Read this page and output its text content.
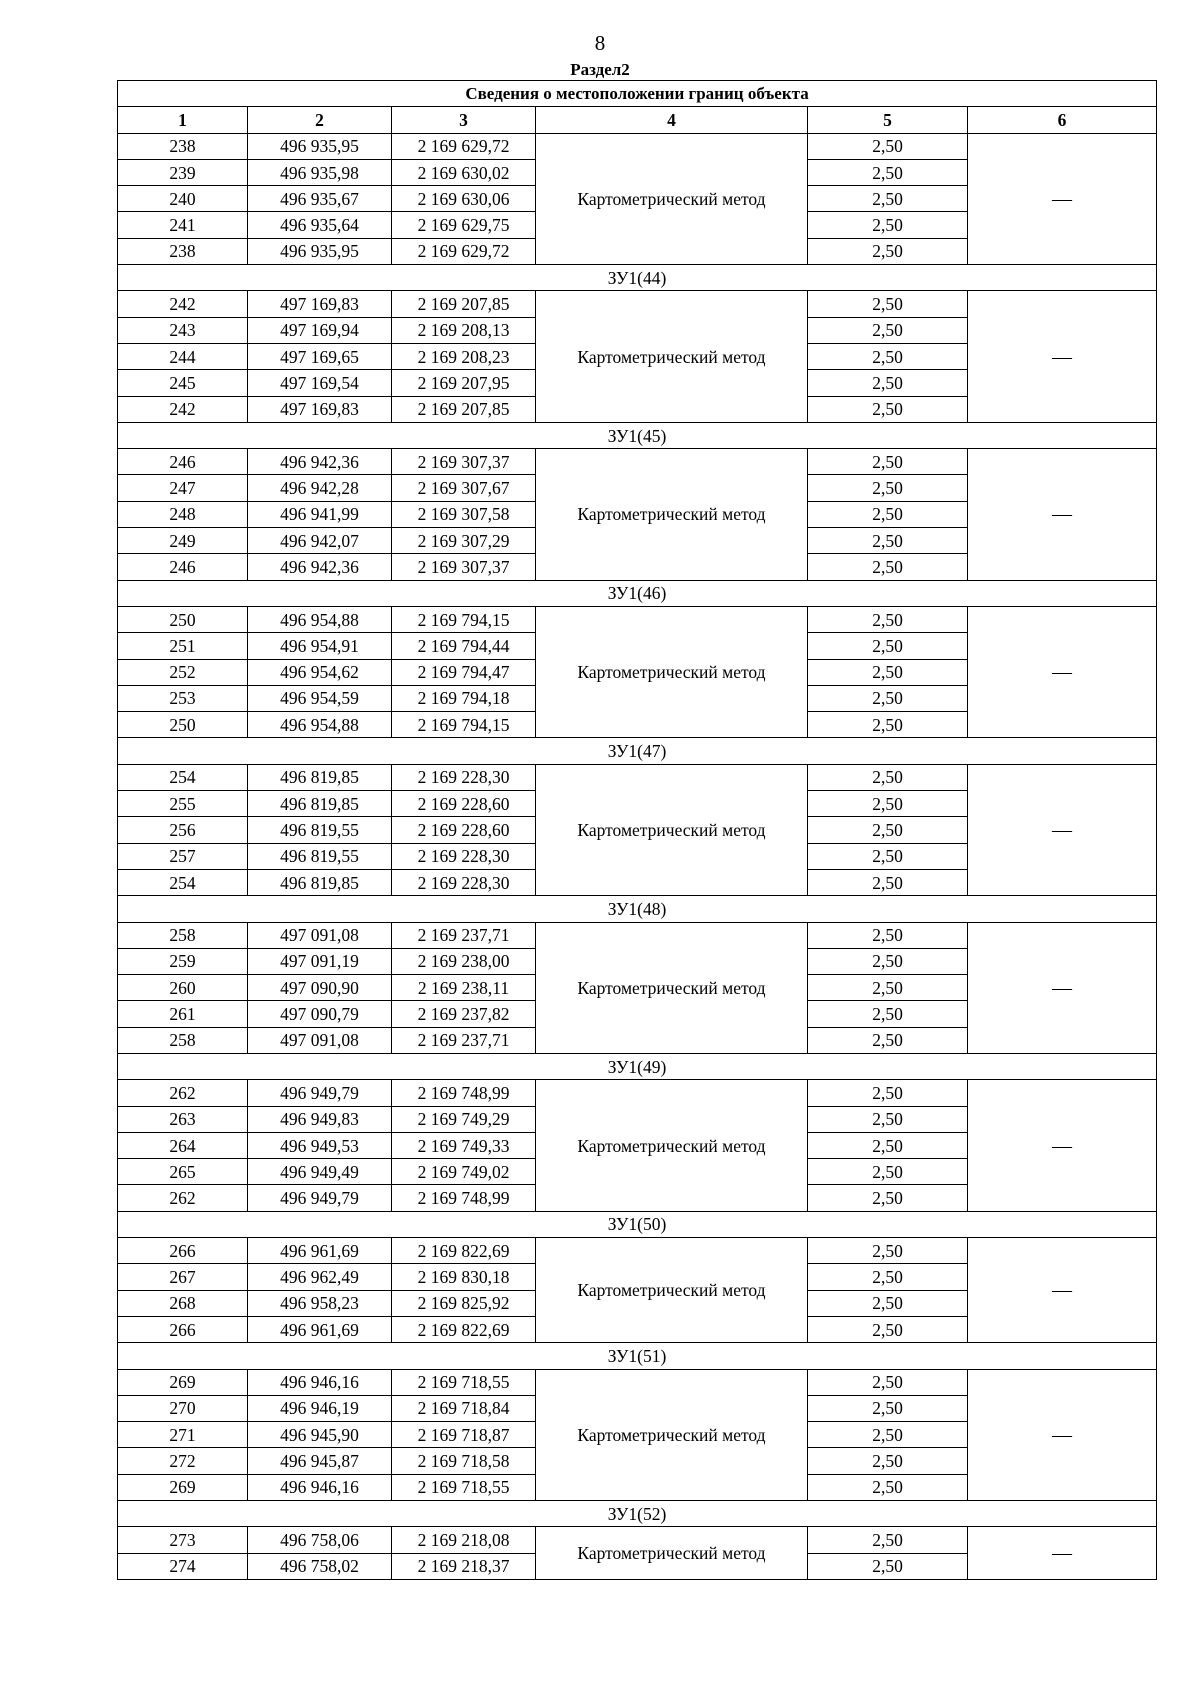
8
Раздел2
Сведения о местоположении границ объекта					
1	2	3	4	5	6
238	496 935,95	2 169 629,72	Картометрический метод	2,50	—
239	496 935,98	2 169 630,02		2,50	
240	496 935,67	2 169 630,06		2,50	
241	496 935,64	2 169 629,75		2,50	
238	496 935,95	2 169 629,72		2,50	
ЗУ1(44)					
242	497 169,83	2 169 207,85	Картометрический метод	2,50	—
243	497 169,94	2 169 208,13		2,50	
244	497 169,65	2 169 208,23		2,50	
245	497 169,54	2 169 207,95		2,50	
242	497 169,83	2 169 207,85		2,50	
ЗУ1(45)					
246	496 942,36	2 169 307,37	Картометрический метод	2,50	—
247	496 942,28	2 169 307,67		2,50	
248	496 941,99	2 169 307,58		2,50	
249	496 942,07	2 169 307,29		2,50	
246	496 942,36	2 169 307,37		2,50	
ЗУ1(46)					
250	496 954,88	2 169 794,15	Картометрический метод	2,50	—
251	496 954,91	2 169 794,44		2,50	
252	496 954,62	2 169 794,47		2,50	
253	496 954,59	2 169 794,18		2,50	
250	496 954,88	2 169 794,15		2,50	
ЗУ1(47)					
254	496 819,85	2 169 228,30	Картометрический метод	2,50	—
255	496 819,85	2 169 228,60		2,50	
256	496 819,55	2 169 228,60		2,50	
257	496 819,55	2 169 228,30		2,50	
254	496 819,85	2 169 228,30		2,50	
ЗУ1(48)					
258	497 091,08	2 169 237,71	Картометрический метод	2,50	—
259	497 091,19	2 169 238,00		2,50	
260	497 090,90	2 169 238,11		2,50	
261	497 090,79	2 169 237,82		2,50	
258	497 091,08	2 169 237,71		2,50	
ЗУ1(49)					
262	496 949,79	2 169 748,99	Картометрический метод	2,50	—
263	496 949,83	2 169 749,29		2,50	
264	496 949,53	2 169 749,33		2,50	
265	496 949,49	2 169 749,02		2,50	
262	496 949,79	2 169 748,99		2,50	
ЗУ1(50)					
266	496 961,69	2 169 822,69	Картометрический метод	2,50	—
267	496 962,49	2 169 830,18		2,50	
268	496 958,23	2 169 825,92		2,50	
266	496 961,69	2 169 822,69		2,50	
ЗУ1(51)					
269	496 946,16	2 169 718,55	Картометрический метод	2,50	—
270	496 946,19	2 169 718,84		2,50	
271	496 945,90	2 169 718,87		2,50	
272	496 945,87	2 169 718,58		2,50	
269	496 946,16	2 169 718,55		2,50	
ЗУ1(52)					
273	496 758,06	2 169 218,08	Картометрический метод	2,50	—
274	496 758,02	2 169 218,37		2,50	
